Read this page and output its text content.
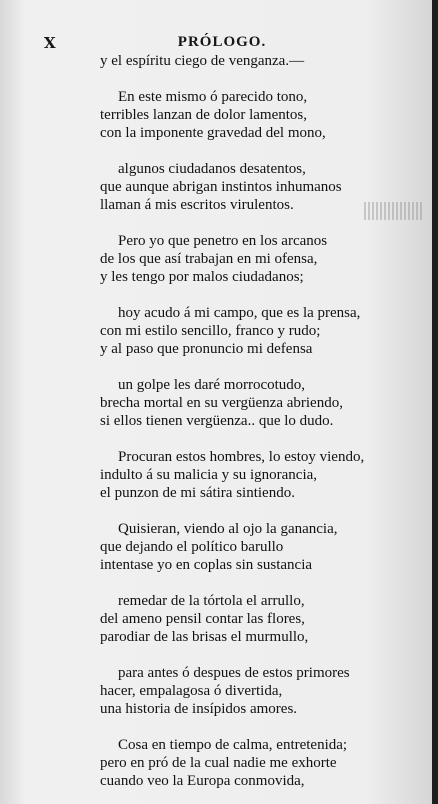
X	PRÓLOGO.
y el espíritu ciego de venganza.—
En este mismo ó parecido tono,
terribles lanzan de dolor lamentos,
con la imponente gravedad del mono,
algunos ciudadanos desatentos,
que aunque abrigan instintos inhumanos
llaman á mis escritos virulentos.
Pero yo que penetro en los arcanos
de los que así trabajan en mi ofensa,
y les tengo por malos ciudadanos;
hoy acudo á mi campo, que es la prensa,
con mi estilo sencillo, franco y rudo;
y al paso que pronuncio mi defensa
un golpe les daré morrocotudo,
brecha mortal en su vergüenza abriendo,
si ellos tienen vergüenza.. que lo dudo.
Procuran estos hombres, lo estoy viendo,
indulto á su malicia y su ignorancia,
el punzon de mi sátira sintiendo.
Quisieran, viendo al ojo la ganancia,
que dejando el político barullo
intentase yo en coplas sin sustancia
remedar de la tórtola el arrullo,
del ameno pensil contar las flores,
parodiar de las brisas el murmullo,
para antes ó despues de estos primores
hacer, empalagosa ó divertida,
una historia de insípidos amores.
Cosa en tiempo de calma, entretenida;
pero en pró de la cual nadie me exhorte
cuando veo la Europa conmovida,
